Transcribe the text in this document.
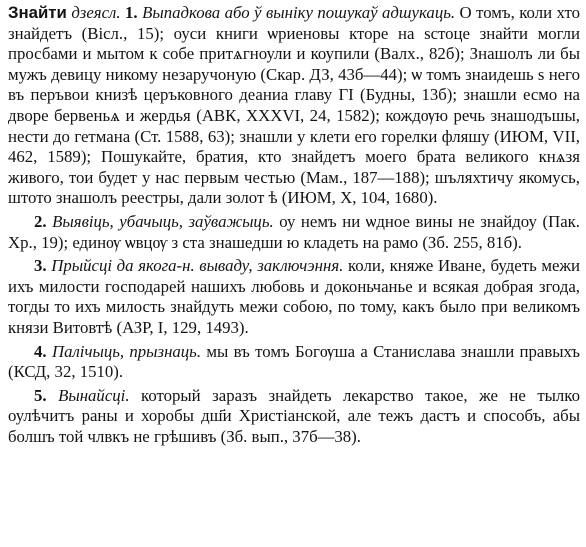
Знайти дзеясл. 1. Выпадкова або ў выніку пошукаў адшукаць. О томъ, коли хто знайдетъ (Вісл., 15); оуси книги ѡриеновы кторе на ѕстоце знайти могли просбами и мытом к собе притѧгноули и коупили (Валх., 82б); Знашолъ ли бы мужъ девицу никому незаручоную (Скар. ДЗ, 43б—44); ѡ томъ знаидешь ѕ него въ перъвои книзѣ церъковного деаниа главу ГІ (Будны, 13б); знашли есмо на дворе бервеньѧ и жердья (АВК, XXXVI, 24, 1582); кождѹю речь знашодъшы, нести до гетмана (Ст. 1588, 63); знашли у клети его горелки фляшу (ИЮМ, VII, 462, 1589); Пошукайте, братия, кто знайдетъ моего брата великого кнѧзя живого, тои будет у нас первым честью (Мам., 187—188); шъляхтичу якомусь, штото знашолъ реестры, дали золот ѣ (ИЮМ, X, 104, 1680).

2. Выявіць, убачыць, заўважыць. оу немъ ни ѡдное вины не знайдоу (Пак. Хр., 19); единѹ ѡвцѹ з ста знашедши ю кладеть на рамо (Зб. 255, 81б).

3. Прыйсці да якога-н. вываду, заключэння. коли, княже Иване, будеть межи ихъ милости господарей нашихъ любовь и доконьчанье и всякая добрая згода, тогды то ихъ милость знайдуть межи собою, по тому, какъ было при великомъ князи Витовтѣ (АЗР, I, 129, 1493).

4. Палічыць, прызнаць. мы въ томъ Богѹша а Станислава знашли правыхъ (КСД, 32, 1510).

5. Вынайсці. который заразъ знайдеть лекарство такое, же не тылко оулѣчитъ раны и хоробы дш҃и Христіанской, але тежъ дастъ и способъ, абы болшъ той члвкъ не грѣшивъ (Зб. вып., 37б—38).
